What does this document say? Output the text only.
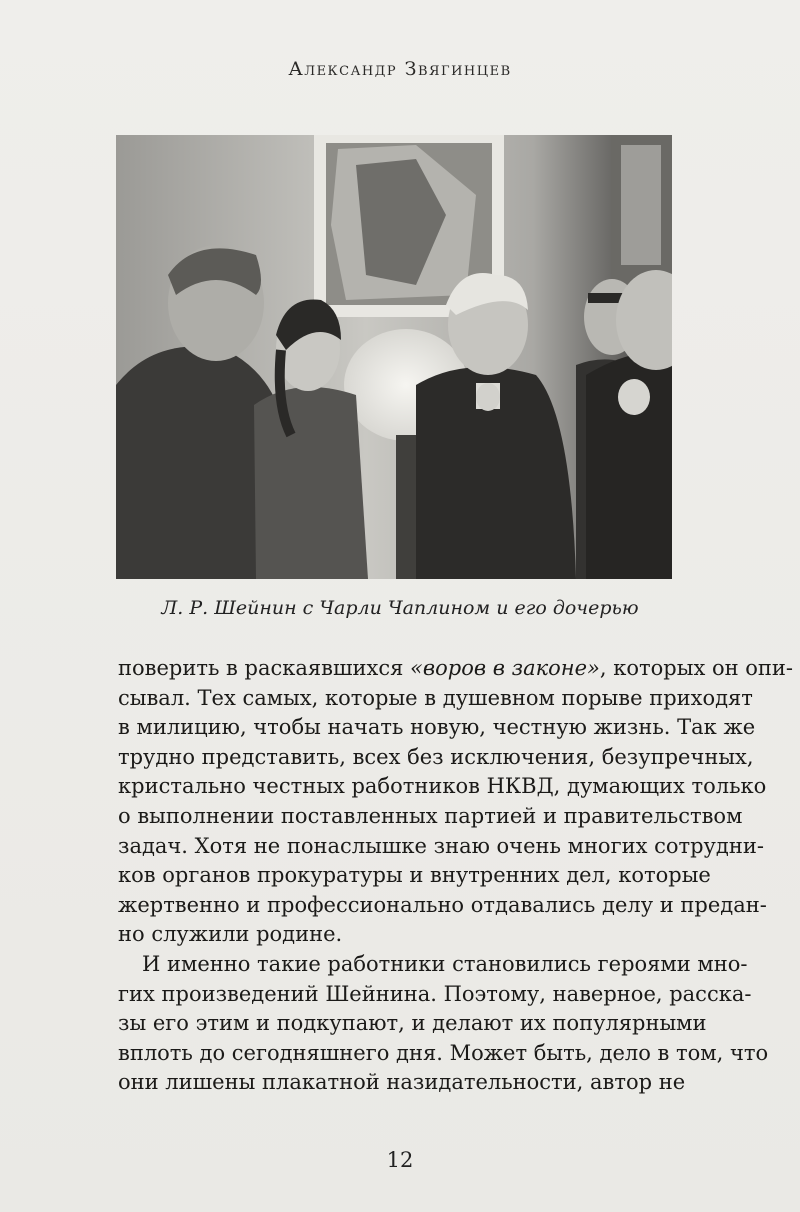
Александр Звягинцев
Л. Р. Шейнин с Чарли Чаплином и его дочерью
поверить в раскаявшихся «воров в законе», которых он опи-
сывал. Тех самых, которые в душевном порыве приходят
в милицию, чтобы начать новую, честную жизнь. Так же
трудно представить, всех без исключения, безупречных,
кристально честных работников НКВД, думающих только
о выполнении поставленных партией и правительством
задач. Хотя не понаслышке знаю очень многих сотрудни-
ков органов прокуратуры и внутренних дел, которые
жертвенно и профессионально отдавались делу и предан-
но служили родине.
И именно такие работники становились героями мно-
гих произведений Шейнина. Поэтому, наверное, расска-
зы его этим и подкупают, и делают их популярными
вплоть до сегодняшнего дня. Может быть, дело в том, что
они лишены плакатной назидательности, автор не
12
